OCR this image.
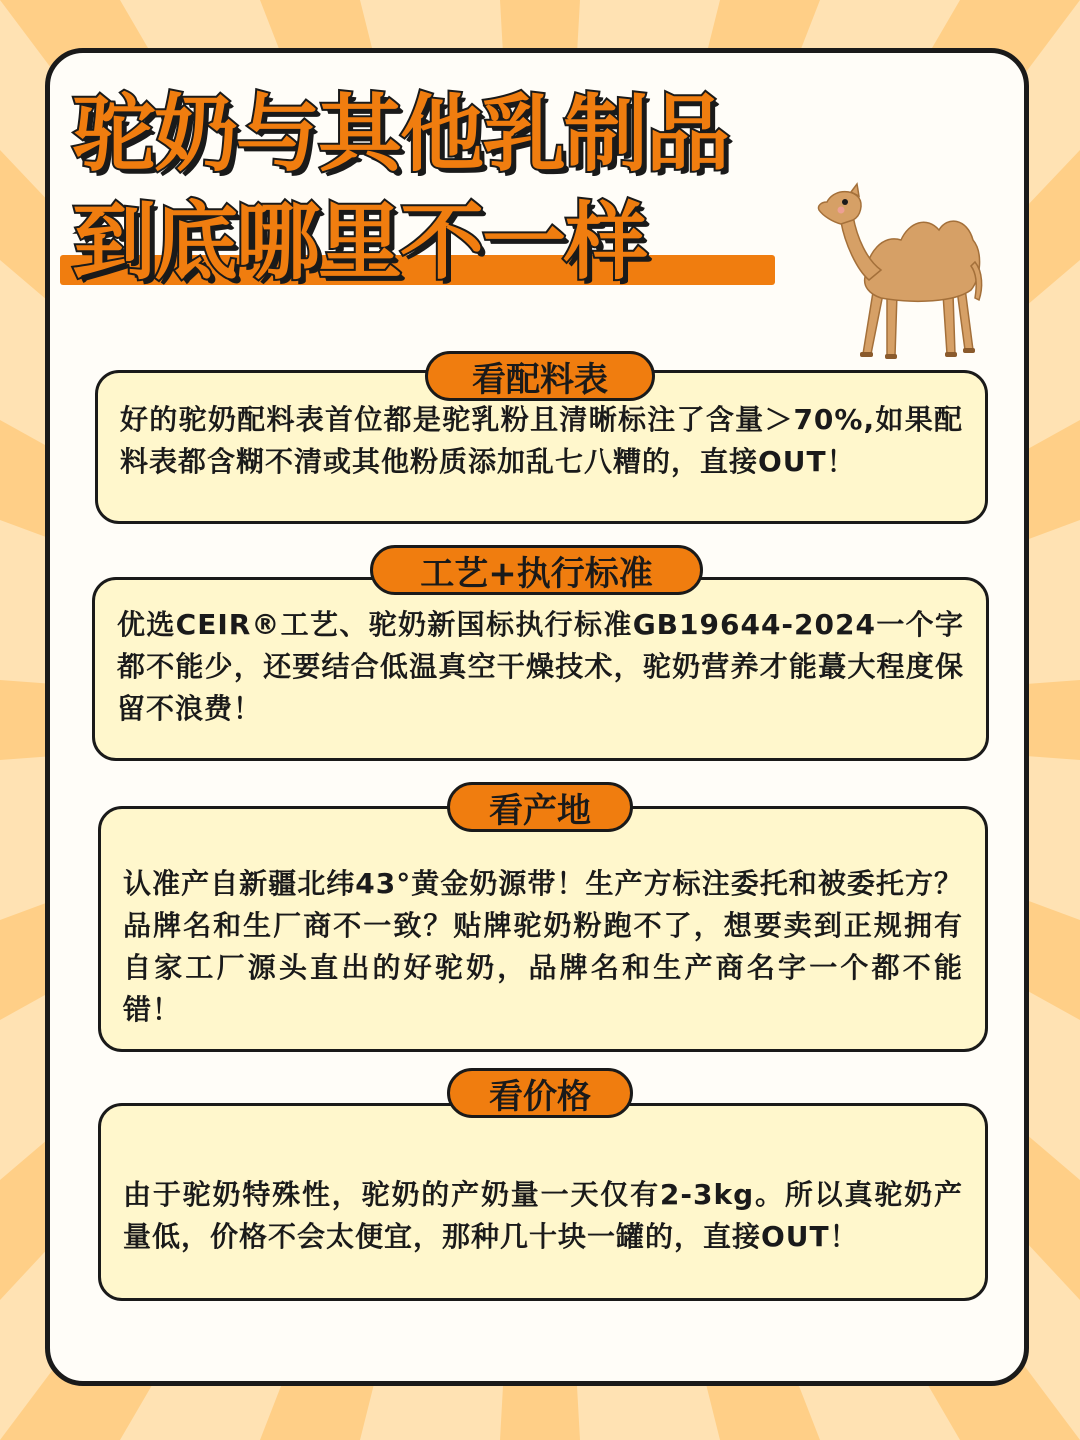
驼奶与其他乳制品
到底哪里不一样
好的驼奶配料表首位都是驼乳粉且清晰标注了含量＞70%,如果配料表都含糊不清或其他粉质添加乱七八糟的，直接OUT！
看配料表
优选CEIR®工艺、驼奶新国标执行标准GB19644-2024一个字都不能少，还要结合低温真空干燥技术，驼奶营养才能蕞大程度保留不浪费！
工艺+执行标准
认准产自新疆北纬43°黄金奶源带！生产方标注委托和被委托方？品牌名和生厂商不一致？贴牌驼奶粉跑不了，想要卖到正规拥有自家工厂源头直出的好驼奶，品牌名和生产商名字一个都不能错！
看产地
由于驼奶特殊性，驼奶的产奶量一天仅有2-3kg。所以真驼奶产量低，价格不会太便宜，那种几十块一罐的，直接OUT！
看价格
